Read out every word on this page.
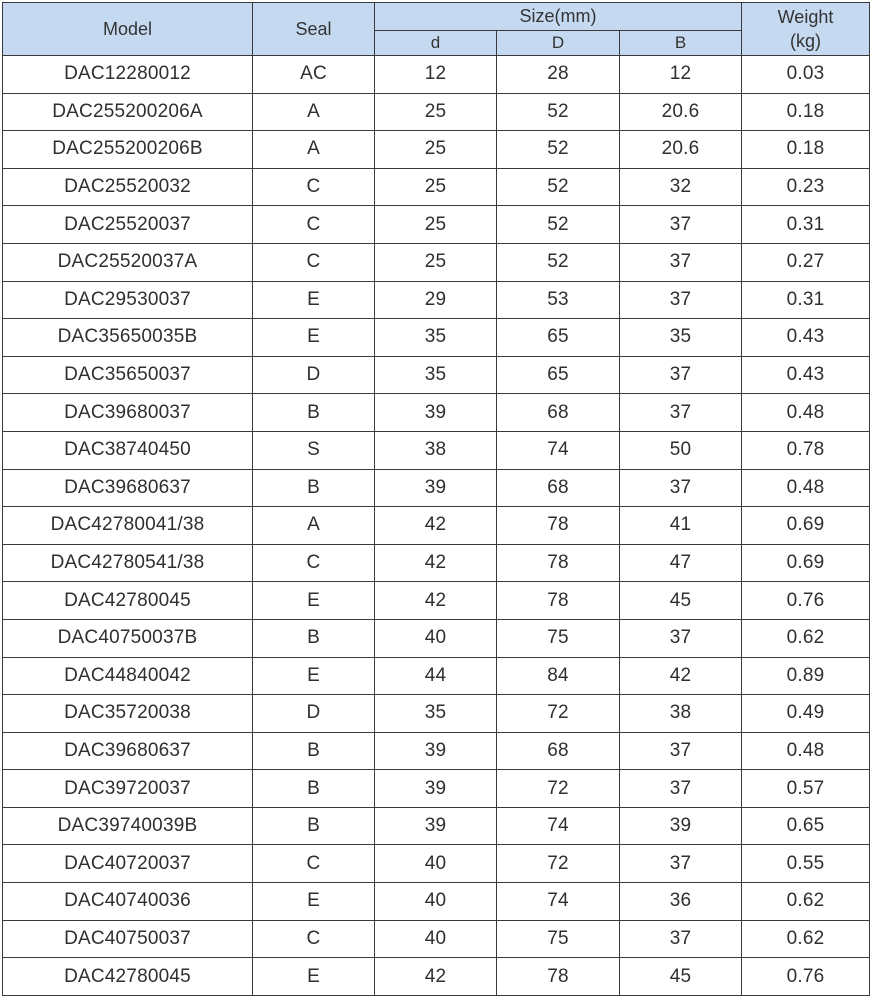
Model	Seal	Size(mm)			Weight
(kg)

		d	D	B	
DAC12280012	AC	12	28	12	0.03
DAC255200206A	A	25	52	20.6	0.18
DAC255200206B	A	25	52	20.6	0.18
DAC25520032	C	25	52	32	0.23
DAC25520037	C	25	52	37	0.31
DAC25520037A	C	25	52	37	0.27
DAC29530037	E	29	53	37	0.31
DAC35650035B	E	35	65	35	0.43
DAC35650037	D	35	65	37	0.43
DAC39680037	B	39	68	37	0.48
DAC38740450	S	38	74	50	0.78
DAC39680637	B	39	68	37	0.48
DAC42780041/38	A	42	78	41	0.69
DAC42780541/38	C	42	78	47	0.69
DAC42780045	E	42	78	45	0.76
DAC40750037B	B	40	75	37	0.62
DAC44840042	E	44	84	42	0.89
DAC35720038	D	35	72	38	0.49
DAC39680637	B	39	68	37	0.48
DAC39720037	B	39	72	37	0.57
DAC39740039B	B	39	74	39	0.65
DAC40720037	C	40	72	37	0.55
DAC40740036	E	40	74	36	0.62
DAC40750037	C	40	75	37	0.62
DAC42780045	E	42	78	45	0.76
